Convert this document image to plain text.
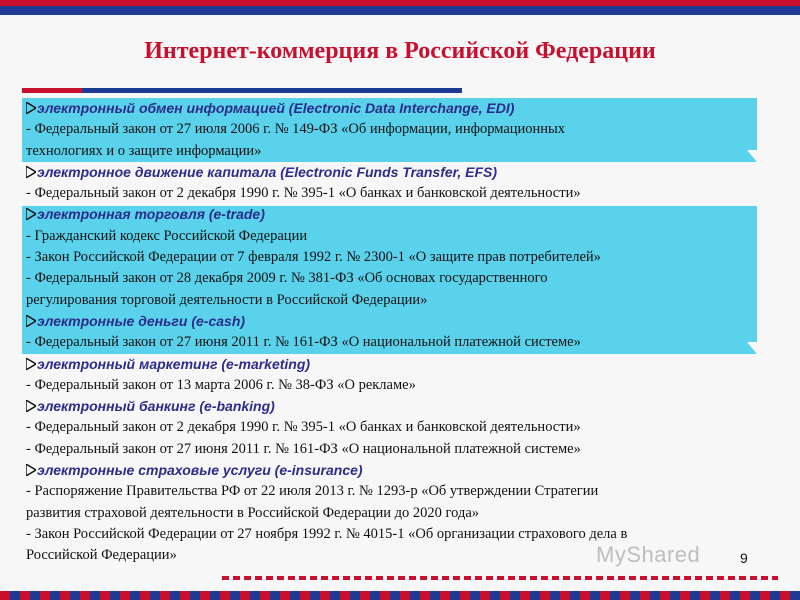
Интернет-коммерция в Российской Федерации
электронный обмен информацией (Electronic Data Interchange, EDI)
- Федеральный закон от 27 июля 2006 г. № 149-ФЗ «Об информации, информационных
технологиях и о защите информации»
электронное движение капитала (Electronic Funds Transfer, EFS)
- Федеральный закон от 2 декабря 1990 г. № 395-1 «О банках и банковской деятельности»
электронная торговля (e-trade)
- Гражданский кодекс Российской Федерации
- Закон Российской Федерации от 7 февраля 1992 г. № 2300-1 «О защите прав потребителей»
- Федеральный закон от 28 декабря 2009 г. № 381-ФЗ «Об основах государственного
регулирования торговой деятельности в Российской Федерации»
электронные деньги (e-cash)
- Федеральный закон от 27 июня 2011 г. № 161-ФЗ «О национальной платежной системе»
электронный маркетинг (e-marketing)
- Федеральный закон от 13 марта 2006 г. № 38-ФЗ «О рекламе»
электронный банкинг (e-banking)
- Федеральный закон от 2 декабря 1990 г. № 395-1 «О банках и банковской деятельности»
- Федеральный закон от 27 июня 2011 г. № 161-ФЗ «О национальной платежной системе»
электронные страховые услуги (e-insurance)
- Распоряжение Правительства РФ от 22 июля 2013 г. № 1293-р «Об утверждении Стратегии
развития страховой деятельности в Российской Федерации до 2020 года»
- Закон Российской Федерации от 27 ноября 1992 г. № 4015-1 «Об организации страхового дела в
Российской Федерации»	MyShared	9
